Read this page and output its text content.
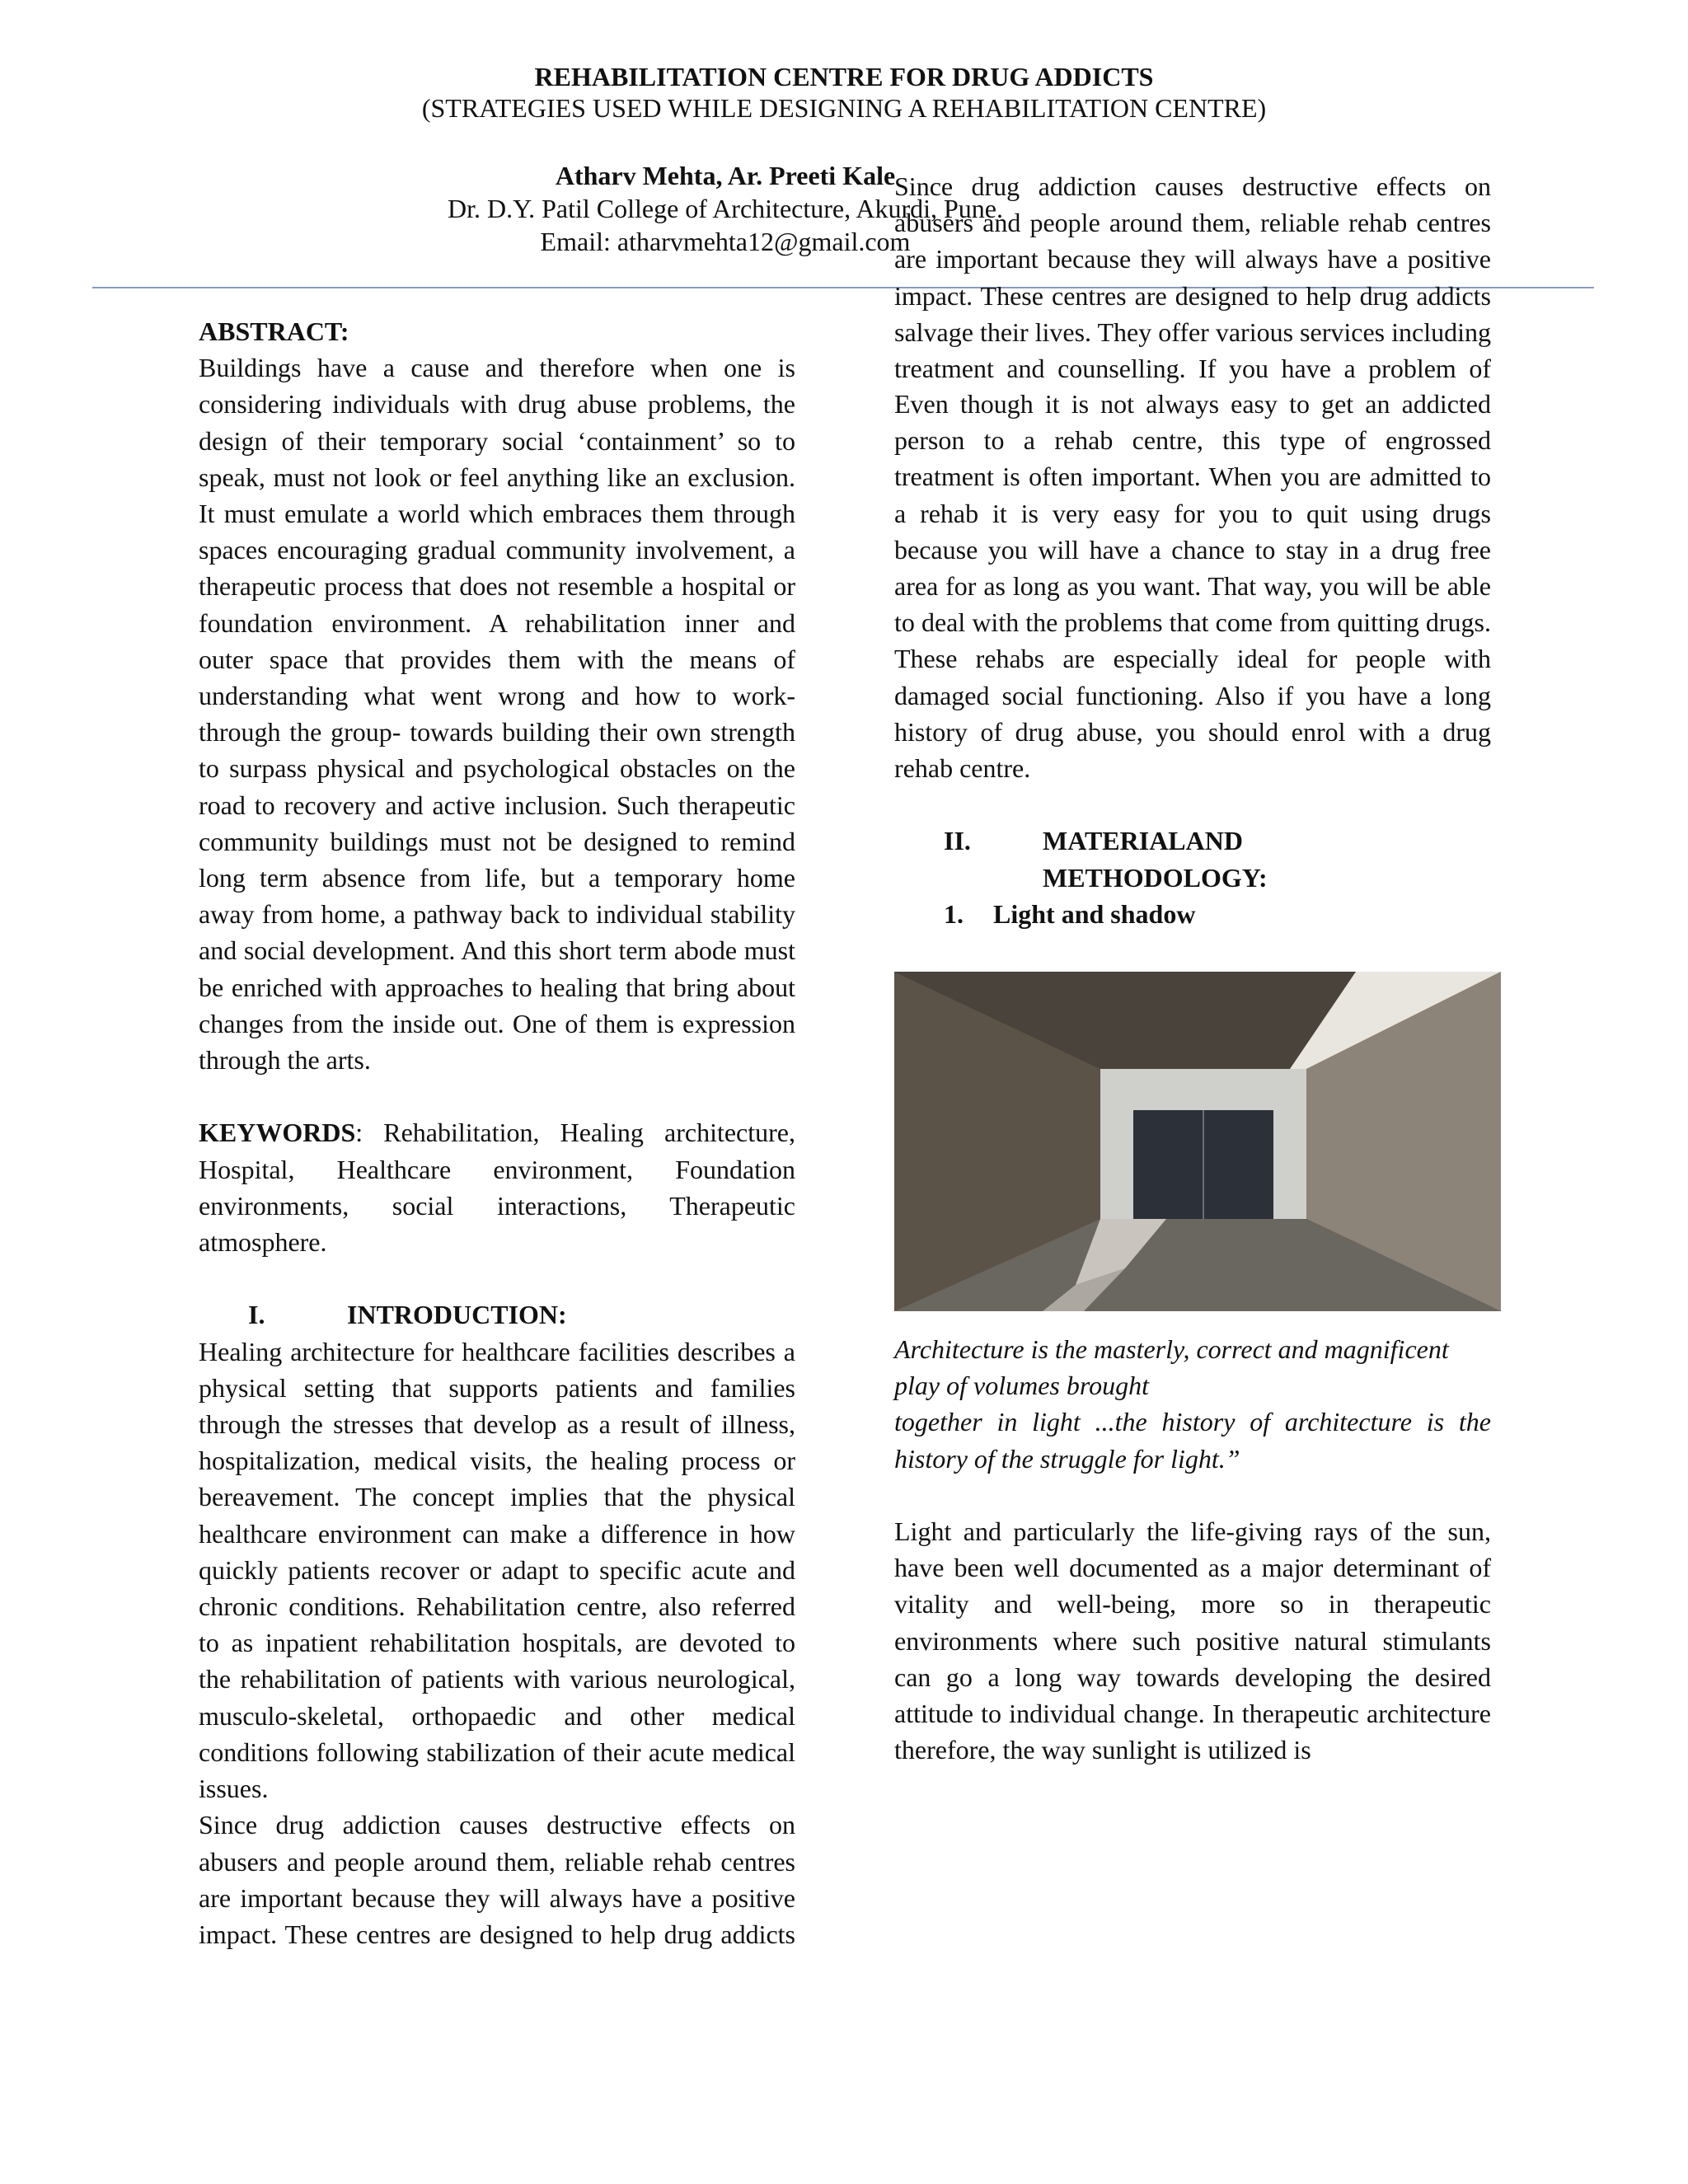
REHABILITATION CENTRE FOR DRUG ADDICTS
(STRATEGIES USED WHILE DESIGNING A REHABILITATION CENTRE)
Atharv Mehta, Ar. Preeti Kale
Dr. D.Y. Patil College of Architecture, Akurdi, Pune.
Email: atharvmehta12@gmail.com

ABSTRACT:

Buildings have a cause and therefore when one is considering individuals with drug abuse problems, the design of their temporary social ‘containment’ so to speak, must not look or feel anything like an exclusion. It must emulate a world which embraces them through spaces encouraging gradual community involvement, a therapeutic process that does not resemble a hospital or foundation environment. A rehabilitation inner and outer space that provides them with the means of understanding what went wrong and how to work-through the group- towards building their own strength to surpass physical and psychological obstacles on the road to recovery and active inclusion. Such therapeutic community buildings must not be designed to remind long term absence from life, but a temporary home away from home, a pathway back to individual stability and social development. And this short term abode must be enriched with approaches to healing that bring about changes from the inside out. One of them is expression through the arts.

KEYWORDS: Rehabilitation, Healing architecture, Hospital, Healthcare environment, Foundation environments, social interactions, Therapeutic atmosphere.

I.	INTRODUCTION:

Healing architecture for healthcare facilities describes a physical setting that supports patients and families through the stresses that develop as a result of illness, hospitalization, medical visits, the healing process or bereavement. The concept implies that the physical healthcare environment can make a difference in how quickly patients recover or adapt to specific acute and chronic conditions. Rehabilitation centre, also referred to as inpatient rehabilitation hospitals, are devoted to the rehabilitation of patients with various neurological, musculo-skeletal, orthopaedic and other medical conditions following stabilization of their acute medical issues.

Since drug addiction causes destructive effects on abusers and people around them, reliable rehab centres are important because they will always have a positive impact. These centres are designed to help drug addicts

Since drug addiction causes destructive effects on abusers and people around them, reliable rehab centres are important because they will always have a positive impact. These centres are designed to help drug addicts salvage their lives. They offer various services including treatment and counselling. If you have a problem of

Even though it is not always easy to get an addicted person to a rehab centre, this type of engrossed treatment is often important. When you are admitted to a rehab it is very easy for you to quit using drugs because you will have a chance to stay in a drug free area for as long as you want. That way, you will be able to deal with the problems that come from quitting drugs. These rehabs are especially ideal for people with damaged social functioning. Also if you have a long history of drug abuse, you should enrol with a drug rehab centre.

II.	MATERIALAND METHODOLOGY:
1. Light and shadow

Architecture is the masterly, correct and magnificent play of volumes brought

together in light ...the history of architecture is the history of the struggle for light.”

Light and particularly the life-giving rays of the sun, have been well documented as a major determinant of vitality and well-being, more so in therapeutic environments where such positive natural stimulants can go a long way towards developing the desired attitude to individual change. In therapeutic architecture therefore, the way sunlight is utilized is
